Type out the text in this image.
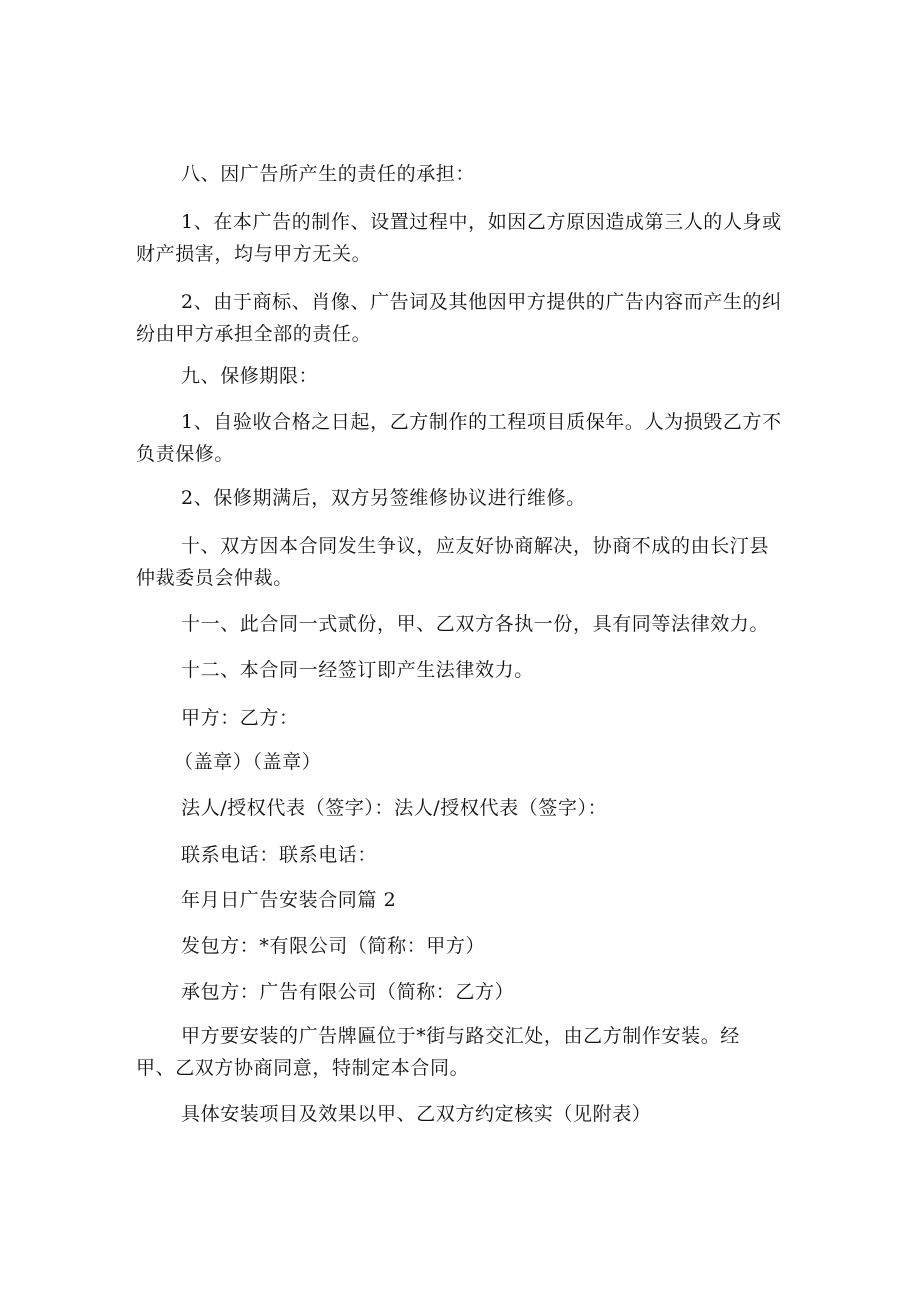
八、因广告所产生的责任的承担：
1、在本广告的制作、设置过程中，如因乙方原因造成第三人的人身或
财产损害，均与甲方无关。
2、由于商标、肖像、广告词及其他因甲方提供的广告内容而产生的纠
纷由甲方承担全部的责任。
九、保修期限：
1、自验收合格之日起，乙方制作的工程项目质保年。人为损毁乙方不
负责保修。
2、保修期满后，双方另签维修协议进行维修。
十、双方因本合同发生争议，应友好协商解决，协商不成的由长汀县
仲裁委员会仲裁。
十一、此合同一式贰份，甲、乙双方各执一份，具有同等法律效力。
十二、本合同一经签订即产生法律效力。
甲方：乙方：
（盖章）（盖章）
法人/授权代表（签字）：法人/授权代表（签字）：
联系电话：联系电话：
年月日广告安装合同篇 2
发包方：*有限公司（简称：甲方）
承包方：广告有限公司（简称：乙方）
甲方要安装的广告牌匾位于*街与路交汇处，由乙方制作安装。经
甲、乙双方协商同意，特制定本合同。
具体安装项目及效果以甲、乙双方约定核实（见附表）
